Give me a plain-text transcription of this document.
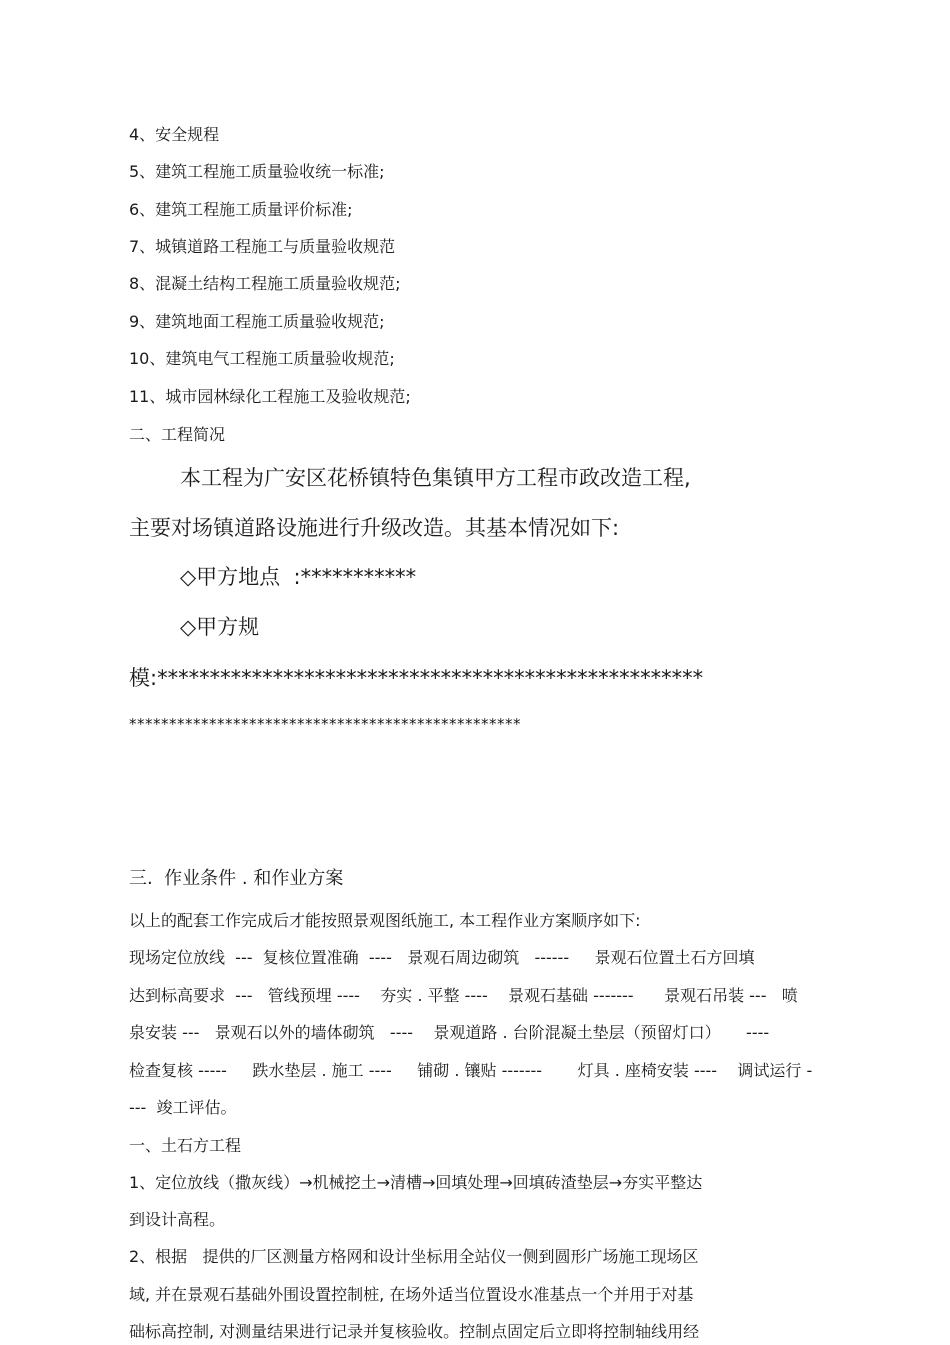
4、安全规程
5、建筑工程施工质量验收统一标准;
6、建筑工程施工质量评价标准;
7、城镇道路工程施工与质量验收规范
8、混凝土结构工程施工质量验收规范;
9、建筑地面工程施工质量验收规范;
10、建筑电气工程施工质量验收规范;
11、城市园林绿化工程施工及验收规范;
二、工程简况
本工程为广安区花桥镇特色集镇甲方工程市政改造工程,
主要对场镇道路设施进行升级改造。其基本情况如下:
◇甲方地点  :***********
◇甲方规
模:****************************************************
*************************************************
三.  作业条件 . 和作业方案
以上的配套工作完成后才能按照景观图纸施工, 本工程作业方案顺序如下:
现场定位放线  ---  复核位置准确  ----   景观石周边砌筑   ------     景观石位置土石方回填
达到标高要求  ---   管线预埋 ----    夯实 . 平整 ----    景观石基础 -------      景观石吊装 ---   喷
泉安装 ---   景观石以外的墙体砌筑   ----    景观道路 . 台阶混凝土垫层（预留灯口）     ----
检查复核 -----     跌水垫层 . 施工 ----     铺砌 . 镶贴 -------       灯具 . 座椅安装 ----    调试运行 -
---  竣工评估。
一、土石方工程
1、定位放线（撒灰线）→机械挖土→清槽→回填处理→回填砖渣垫层→夯实平整达
到设计高程。
2、根据   提供的厂区测量方格网和设计坐标用全站仪一侧到圆形广场施工现场区
域, 并在景观石基础外围设置控制桩, 在场外适当位置设水准基点一个并用于对基
础标高控制, 对测量结果进行记录并复核验收。控制点固定后立即将控制轴线用经
